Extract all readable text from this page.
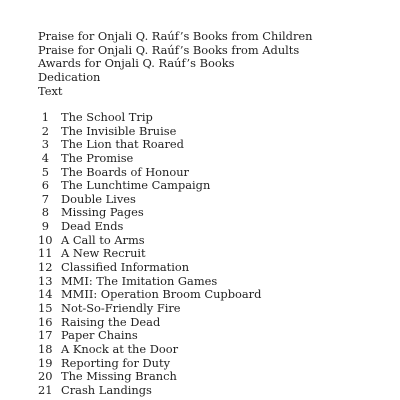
Praise for Onjali Q. Raúf’s Books from Children
Praise for Onjali Q. Raúf’s Books from Adults
Awards for Onjali Q. Raúf’s Books
Dedication
Text
1 The School Trip
2 The Invisible Bruise
3 The Lion that Roared
4 The Promise
5 The Boards of Honour
6 The Lunchtime Campaign
7 Double Lives
8 Missing Pages
9 Dead Ends
10 A Call to Arms
11 A New Recruit
12 Classified Information
13 MMI: The Imitation Games
14 MMII: Operation Broom Cupboard
15 Not-So-Friendly Fire
16 Raising the Dead
17 Paper Chains
18 A Knock at the Door
19 Reporting for Duty
20 The Missing Branch
21 Crash Landings
